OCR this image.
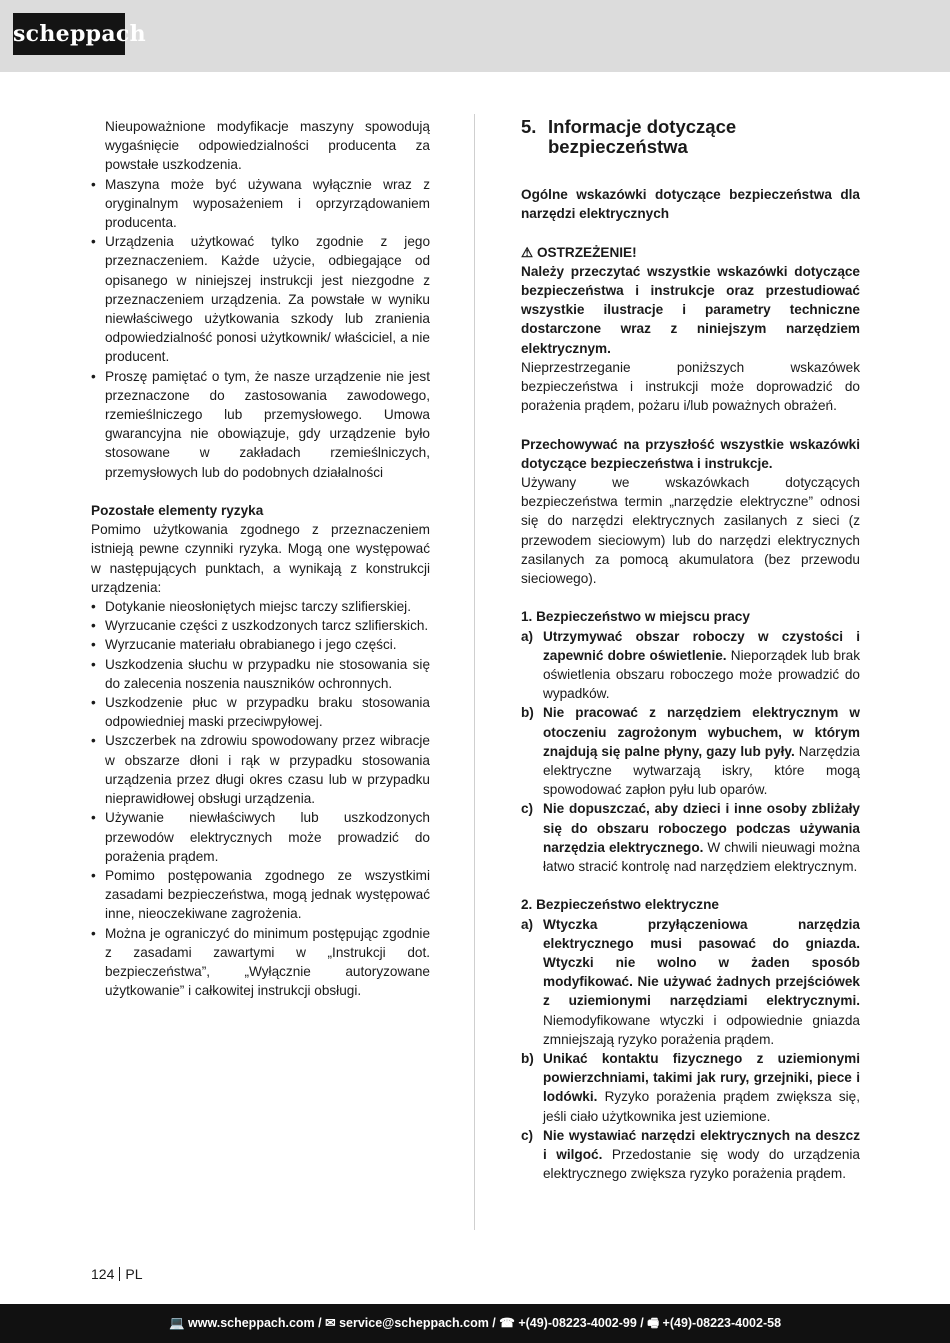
scheppach

Nieupoważnione modyfikacje maszyny spowodują wygaśnięcie odpowiedzialności producenta za powstałe uszkodzenia.

• Maszyna może być używana wyłącznie wraz z oryginalnym wyposażeniem i oprzyrządowaniem producenta.
• Urządzenia użytkować tylko zgodnie z jego przeznaczeniem. Każde użycie, odbiegające od opisanego w niniejszej instrukcji jest niezgodne z przeznaczeniem urządzenia. Za powstałe w wyniku niewłaściwego użytkowania szkody lub zranienia odpowiedzialność ponosi użytkownik/ właściciel, a nie producent.
• Proszę pamiętać o tym, że nasze urządzenie nie jest przeznaczone do zastosowania zawodowego, rzemieślniczego lub przemysłowego. Umowa gwarancyjna nie obowiązuje, gdy urządzenie było stosowane w zakładach rzemieślniczych, przemysłowych lub do podobnych działalności

Pozostałe elementy ryzyka

Pomimo użytkowania zgodnego z przeznaczeniem istnieją pewne czynniki ryzyka. Mogą one występować w następujących punktach, a wynikają z konstrukcji urządzenia:

• Dotykanie nieosłoniętych miejsc tarczy szlifierskiej.
• Wyrzucanie części z uszkodzonych tarcz szlifierskich.
• Wyrzucanie materiału obrabianego i jego części.
• Uszkodzenia słuchu w przypadku nie stosowania się do zalecenia noszenia nauszników ochronnych.
• Uszkodzenie płuc w przypadku braku stosowania odpowiedniej maski przeciwpyłowej.
• Uszczerbek na zdrowiu spowodowany przez wibracje w obszarze dłoni i rąk w przypadku stosowania urządzenia przez długi okres czasu lub w przypadku nieprawidłowej obsługi urządzenia.
• Używanie niewłaściwych lub uszkodzonych przewodów elektrycznych może prowadzić do porażenia prądem.
• Pomimo postępowania zgodnego ze wszystkimi zasadami bezpieczeństwa, mogą jednak występować inne, nieoczekiwane zagrożenia.
• Można je ograniczyć do minimum postępując zgodnie z zasadami zawartymi w „Instrukcji dot. bezpieczeństwa”, „Wyłącznie autoryzowane użytkowanie” i całkowitej instrukcji obsługi.
5. Informacje dotyczące bezpieczeństwa

Ogólne wskazówki dotyczące bezpieczeństwa dla narzędzi elektrycznych

⚠ OSTRZEŻENIE!

Należy przeczytać wszystkie wskazówki dotyczące bezpieczeństwa i instrukcje oraz przestudiować wszystkie ilustracje i parametry techniczne dostarczone wraz z niniejszym narzędziem elektrycznym.

Nieprzestrzeganie poniższych wskazówek bezpieczeństwa i instrukcji może doprowadzić do porażenia prądem, pożaru i/lub poważnych obrażeń.

Przechowywać na przyszłość wszystkie wskazówki dotyczące bezpieczeństwa i instrukcje.

Używany we wskazówkach dotyczących bezpieczeństwa termin „narzędzie elektryczne” odnosi się do narzędzi elektrycznych zasilanych z sieci (z przewodem sieciowym) lub do narzędzi elektrycznych zasilanych za pomocą akumulatora (bez przewodu sieciowego).

1. Bezpieczeństwo w miejscu pracy

a) Utrzymywać obszar roboczy w czystości i zapewnić dobre oświetlenie. Nieporządek lub brak oświetlenia obszaru roboczego może prowadzić do wypadków.
b) Nie pracować z narzędziem elektrycznym w otoczeniu zagrożonym wybuchem, w którym znajdują się palne płyny, gazy lub pyły. Narzędzia elektryczne wytwarzają iskry, które mogą spowodować zapłon pyłu lub oparów.
c) Nie dopuszczać, aby dzieci i inne osoby zbliżały się do obszaru roboczego podczas używania narzędzia elektrycznego. W chwili nieuwagi można łatwo stracić kontrolę nad narzędziem elektrycznym.

2. Bezpieczeństwo elektryczne

a) Wtyczka przyłączeniowa narzędzia elektrycznego musi pasować do gniazda. Wtyczki nie wolno w żaden sposób modyfikować. Nie używać żadnych przejściówek z uziemionymi narzędziami elektrycznymi. Niemodyfikowane wtyczki i odpowiednie gniazda zmniejszają ryzyko porażenia prądem.
b) Unikać kontaktu fizycznego z uziemionymi powierzchniami, takimi jak rury, grzejniki, piece i lodówki. Ryzyko porażenia prądem zwiększa się, jeśli ciało użytkownika jest uziemione.
c) Nie wystawiać narzędzi elektrycznych na deszcz i wilgoć. Przedostanie się wody do urządzenia elektrycznego zwiększa ryzyko porażenia prądem.
124 PL
💻 www.scheppach.com / ✉ service@scheppach.com / ☎ +(49)-08223-4002-99 / 🖷 +(49)-08223-4002-58
